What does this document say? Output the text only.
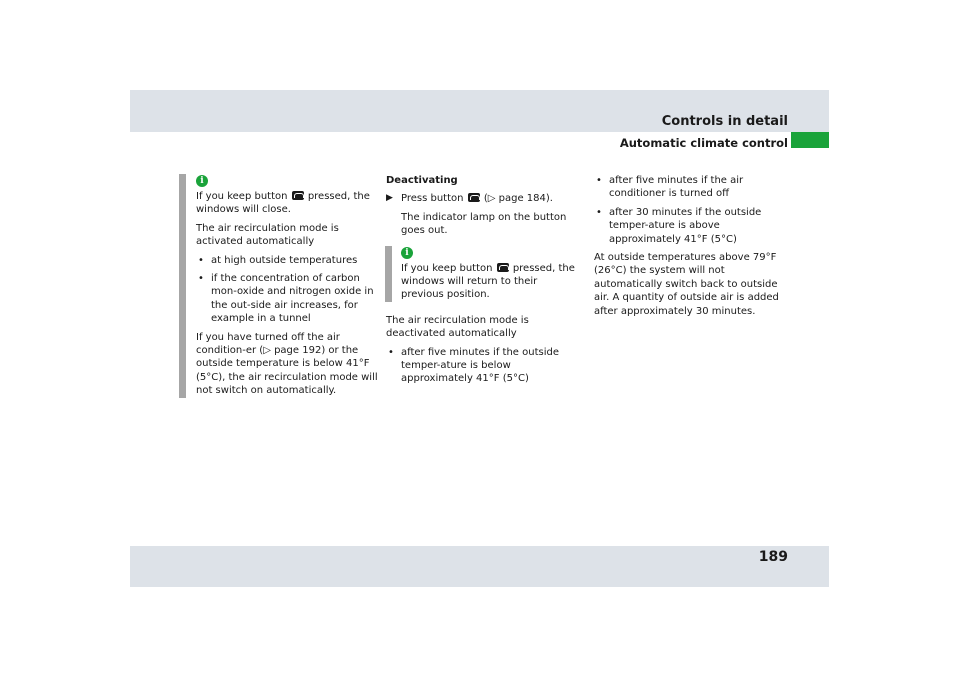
Controls in detail
Automatic climate control
i

If you keep button  pressed, the windows will close.

The air recirculation mode is activated automatically

• at high outside temperatures
• if the concentration of carbon mon-oxide and nitrogen oxide in the out-side air increases, for example in a tunnel

If you have turned off the air condition-er (▷ page 192) or the outside temperature is below 41°F (5°C), the air recirculation mode will not switch on automatically.

Deactivating

▶ Press button  (▷ page 184).

The indicator lamp on the button goes out.

i

If you keep button  pressed, the windows will return to their previous position.

The air recirculation mode is deactivated automatically

• after five minutes if the outside temper-ature is below approximately 41°F (5°C)
• after five minutes if the air conditioner is turned off
• after 30 minutes if the outside temper-ature is above approximately 41°F (5°C)

At outside temperatures above 79°F (26°C) the system will not automatically switch back to outside air. A quantity of outside air is added after approximately 30 minutes.

189
